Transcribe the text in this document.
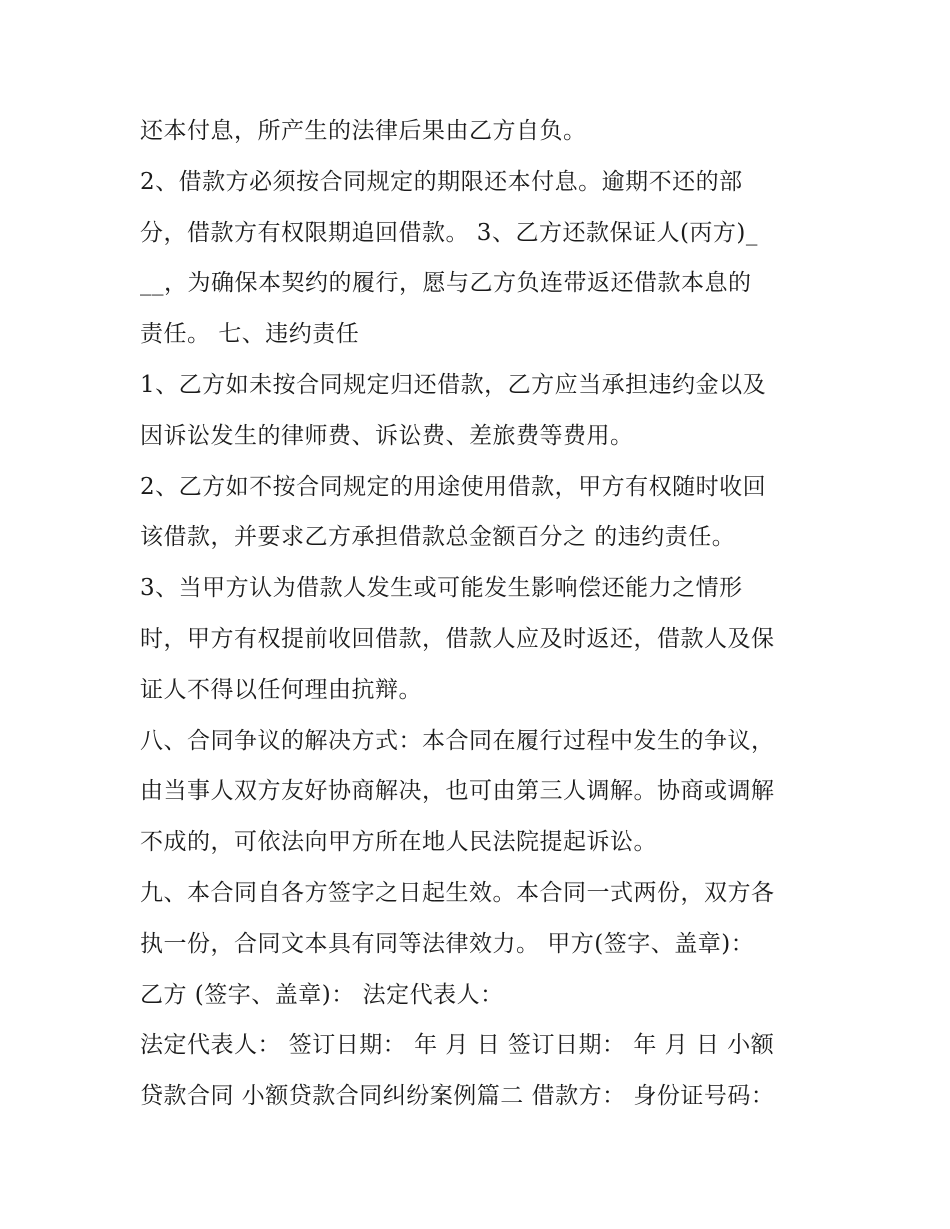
还本付息，所产生的法律后果由乙方自负。
2、借款方必须按合同规定的期限还本付息。逾期不还的部
分，借款方有权限期追回借款。 3、乙方还款保证人(丙方)_
__，为确保本契约的履行，愿与乙方负连带返还借款本息的
责任。 七、违约责任
1、乙方如未按合同规定归还借款，乙方应当承担违约金以及
因诉讼发生的律师费、诉讼费、差旅费等费用。
2、乙方如不按合同规定的用途使用借款，甲方有权随时收回
该借款，并要求乙方承担借款总金额百分之 的违约责任。
3、当甲方认为借款人发生或可能发生影响偿还能力之情形
时，甲方有权提前收回借款，借款人应及时返还，借款人及保
证人不得以任何理由抗辩。
八、合同争议的解决方式：本合同在履行过程中发生的争议，
由当事人双方友好协商解决，也可由第三人调解。协商或调解
不成的，可依法向甲方所在地人民法院提起诉讼。
九、本合同自各方签字之日起生效。本合同一式两份，双方各
执一份，合同文本具有同等法律效力。 甲方(签字、盖章)：
乙方 (签字、盖章)： 法定代表人：
法定代表人： 签订日期： 年 月 日 签订日期： 年 月 日 小额
贷款合同 小额贷款合同纠纷案例篇二 借款方： 身份证号码：
